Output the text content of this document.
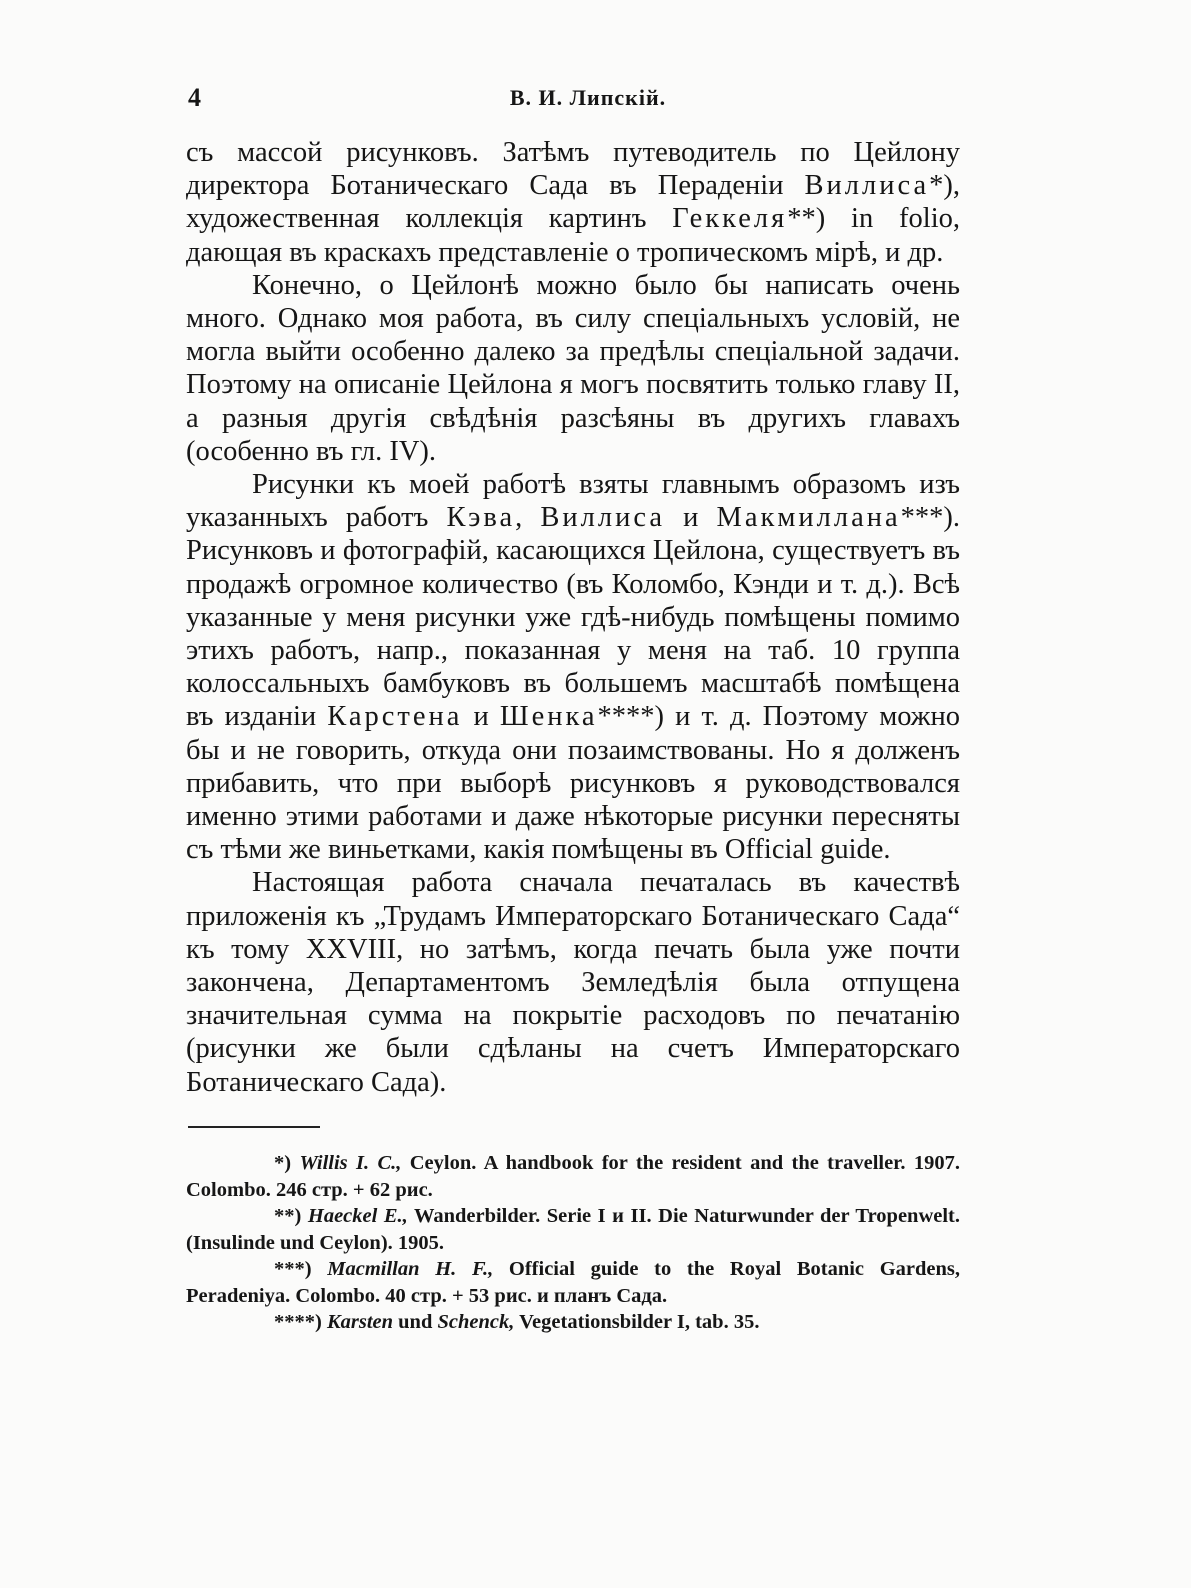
4	В. И. Липскій.

съ массой рисунковъ. Затѣмъ путеводитель по Цейлону директора Ботаническаго Сада въ Пераденіи Виллиса*), художественная коллекція картинъ Геккеля**) in folio, дающая въ краскахъ представленіе о тропическомъ мірѣ, и др.

Конечно, о Цейлонѣ можно было бы написать очень много. Однако моя работа, въ силу спеціальныхъ условій, не могла выйти особенно далеко за предѣлы спеціальной задачи. Поэтому на описаніе Цейлона я могъ посвятить только главу II, а разныя другія свѣдѣнія разсѣяны въ другихъ главахъ (особенно въ гл. IV).

Рисунки къ моей работѣ взяты главнымъ образомъ изъ указанныхъ работъ Кэва, Виллиса и Макмиллана***). Рисунковъ и фотографій, касающихся Цейлона, существуетъ въ продажѣ огромное количество (въ Коломбо, Кэнди и т. д.). Всѣ указанные у меня рисунки уже гдѣ-нибудь помѣщены помимо этихъ работъ, напр., показанная у меня на таб. 10 группа колоссальныхъ бамбуковъ въ большемъ масштабѣ помѣщена въ изданіи Карстена и Шенка****) и т. д. Поэтому можно бы и не говорить, откуда они позаимствованы. Но я долженъ прибавить, что при выборѣ рисунковъ я руководствовался именно этими работами и даже нѣкоторые рисунки пересняты съ тѣми же виньетками, какія помѣщены въ Official guide.

Настоящая работа сначала печаталась въ качествѣ приложенія къ „Трудамъ Императорскаго Ботаническаго Сада“ къ тому XXVIII, но затѣмъ, когда печать была уже почти закончена, Департаментомъ Земледѣлія была отпущена значительная сумма на покрытіе расходовъ по печатанію (рисунки же были сдѣланы на счетъ Императорскаго Ботаническаго Сада).

*) Willis I. C., Ceylon. A handbook for the resident and the traveller. 1907. Colombo. 246 стр. + 62 рис.

**) Haeckel E., Wanderbilder. Serie I и II. Die Naturwunder der Tropenwelt. (Insulinde und Ceylon). 1905.

***) Macmillan H. F., Official guide to the Royal Botanic Gardens, Peradeniya. Colombo. 40 стр. + 53 рис. и планъ Сада.

****) Karsten und Schenck, Vegetationsbilder I, tab. 35.
